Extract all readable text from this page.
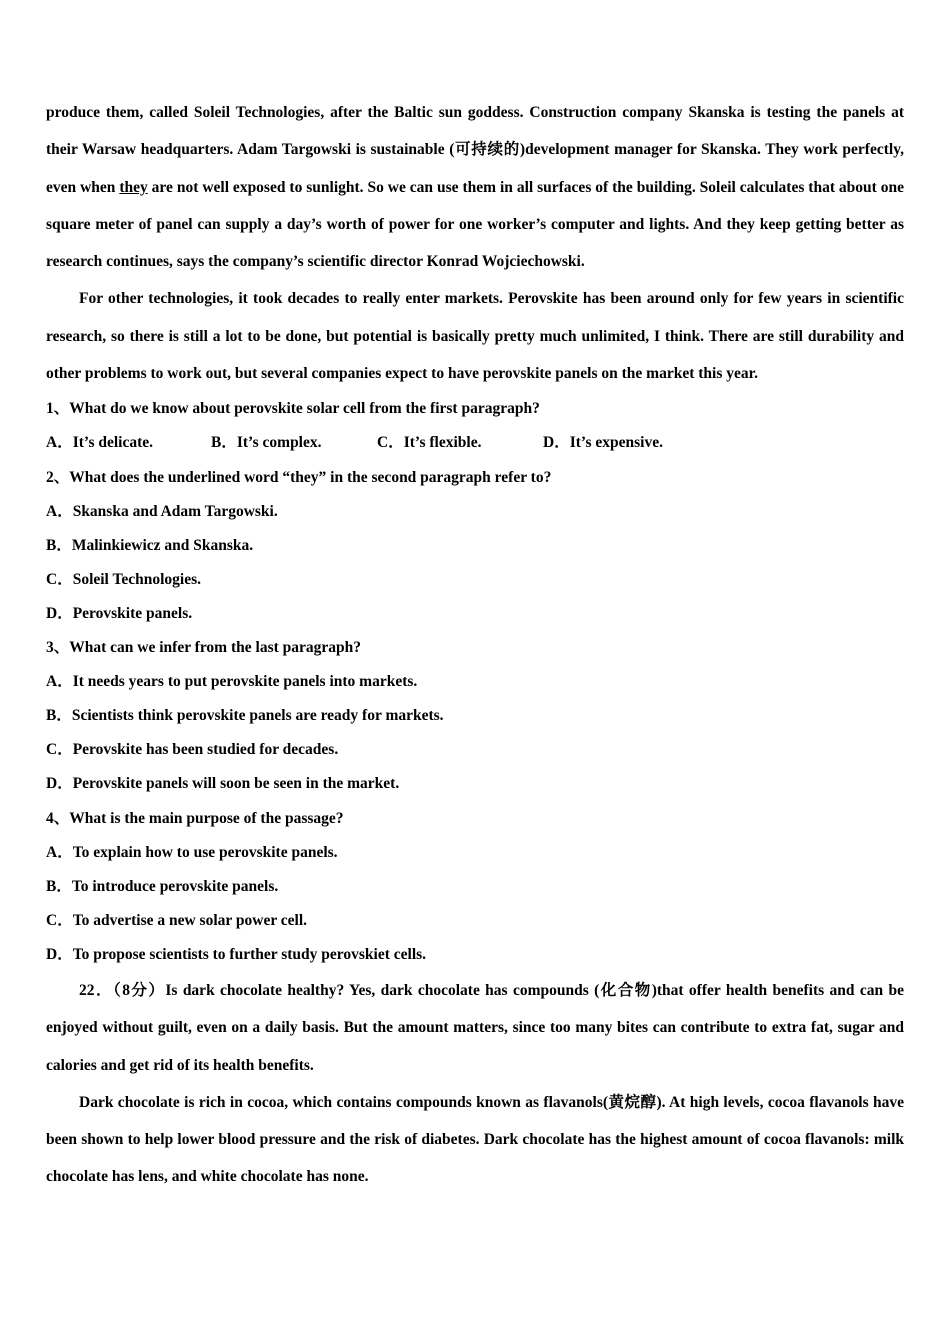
produce them, called Soleil Technologies, after the Baltic sun goddess. Construction company Skanska is testing the panels at their Warsaw headquarters. Adam Targowski is sustainable (可持续的)development manager for Skanska. They work perfectly, even when they are not well exposed to sunlight. So we can use them in all surfaces of the building. Soleil calculates that about one square meter of panel can supply a day’s worth of power for one worker’s computer and lights. And they keep getting better as research continues, says the company’s scientific director Konrad Wojciechowski.

For other technologies, it took decades to really enter markets. Perovskite has been around only for few years in scientific research, so there is still a lot to be done, but potential is basically pretty much unlimited, I think. There are still durability and other problems to work out, but several companies expect to have perovskite panels on the market this year.

1、What do we know about perovskite solar cell from the first paragraph?

A．It’s delicate.	B．It’s complex.	C．It’s flexible.	D．It’s expensive.

2、What does the underlined word “they” in the second paragraph refer to?

A．Skanska and Adam Targowski.

B．Malinkiewicz and Skanska.

C．Soleil Technologies.

D．Perovskite panels.

3、What can we infer from the last paragraph?

A．It needs years to put perovskite panels into markets.

B．Scientists think perovskite panels are ready for markets.

C．Perovskite has been studied for decades.

D．Perovskite panels will soon be seen in the market.

4、What is the main purpose of the passage?

A．To explain how to use perovskite panels.

B．To introduce perovskite panels.

C．To advertise a new solar power cell.

D．To propose scientists to further study perovskiet cells.

22．（8分）Is dark chocolate healthy? Yes, dark chocolate has compounds (化合物)that offer health benefits and can be enjoyed without guilt, even on a daily basis. But the amount matters, since too many bites can contribute to extra fat, sugar and calories and get rid of its health benefits.

Dark chocolate is rich in cocoa, which contains compounds known as flavanols(黄烷醇). At high levels, cocoa flavanols have been shown to help lower blood pressure and the risk of diabetes. Dark chocolate has the highest amount of cocoa flavanols: milk chocolate has lens, and white chocolate has none.
